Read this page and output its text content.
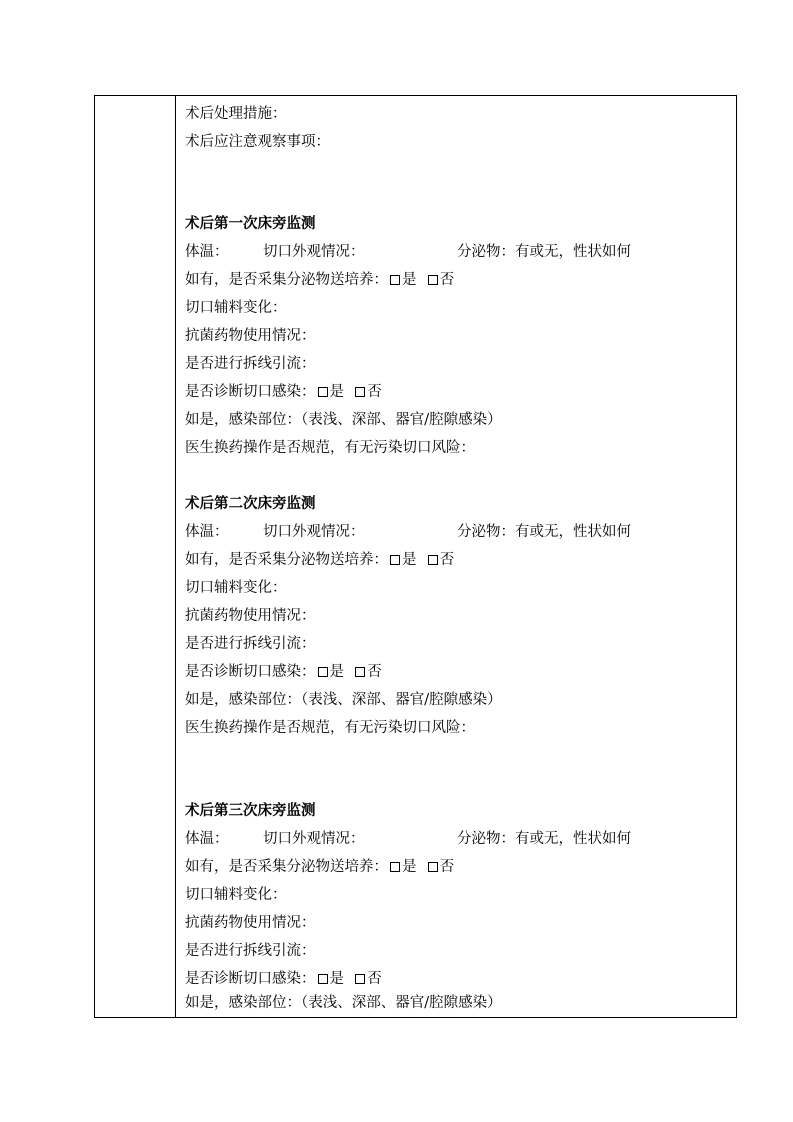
术后处理措施：
术后应注意观察事项：
术后第一次床旁监测
体温： 切口外观情况：	分泌物：有或无，性状如何
如有，是否采集分泌物送培养： 是 否
切口辅料变化：
抗菌药物使用情况：
是否进行拆线引流：
是否诊断切口感染： 是 否
如是，感染部位：（表浅、深部、器官/腔隙感染）
医生换药操作是否规范，有无污染切口风险：
术后第二次床旁监测
体温： 切口外观情况：	分泌物：有或无，性状如何
如有，是否采集分泌物送培养： 是 否
切口辅料变化：
抗菌药物使用情况：
是否进行拆线引流：
是否诊断切口感染： 是 否
如是，感染部位：（表浅、深部、器官/腔隙感染）
医生换药操作是否规范，有无污染切口风险：
术后第三次床旁监测
体温： 切口外观情况：	分泌物：有或无，性状如何
如有，是否采集分泌物送培养： 是 否
切口辅料变化：
抗菌药物使用情况：
是否进行拆线引流：
是否诊断切口感染： 是 否
如是，感染部位：（表浅、深部、器官/腔隙感染）
